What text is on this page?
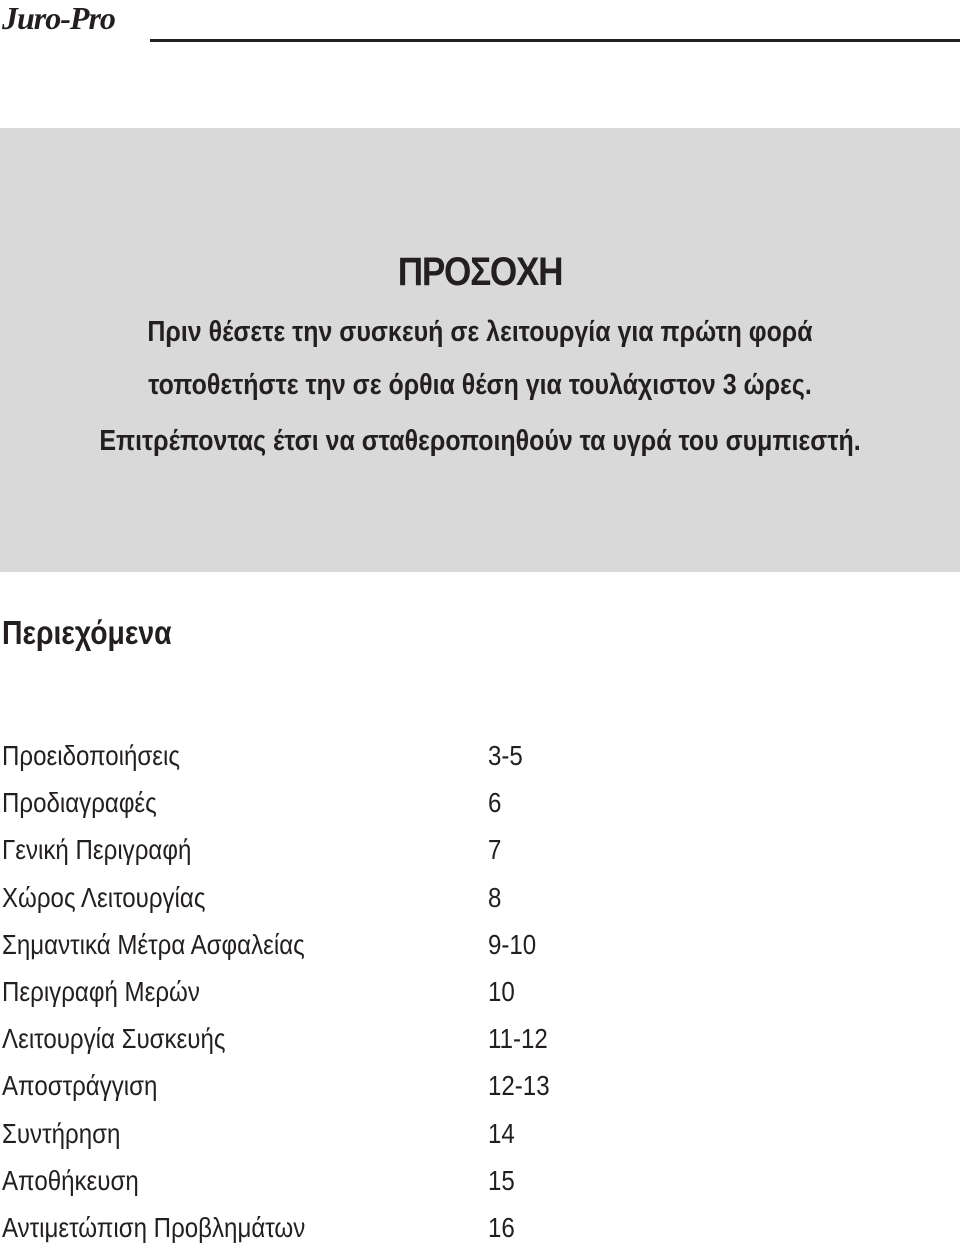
Juro-Pro
ΠΡΟΣΟΧΗ
Πριν θέσετε την συσκευή σε λειτουργία για πρώτη φορά
τοποθετήστε την σε όρθια θέση για τουλάχιστον 3 ώρες.
Επιτρέποντας έτσι να σταθεροποιηθούν τα υγρά του συμπιεστή.
Περιεχόμενα
Προειδοποιήσεις	3-5
Προδιαγραφές	6
Γενική Περιγραφή	7
Χώρος Λειτουργίας	8
Σημαντικά Μέτρα Ασφαλείας	9-10
Περιγραφή Μερών	10
Λειτουργία Συσκευής	11-12
Αποστράγγιση	12-13
Συντήρηση	14
Αποθήκευση	15
Αντιμετώπιση Προβλημάτων	16
